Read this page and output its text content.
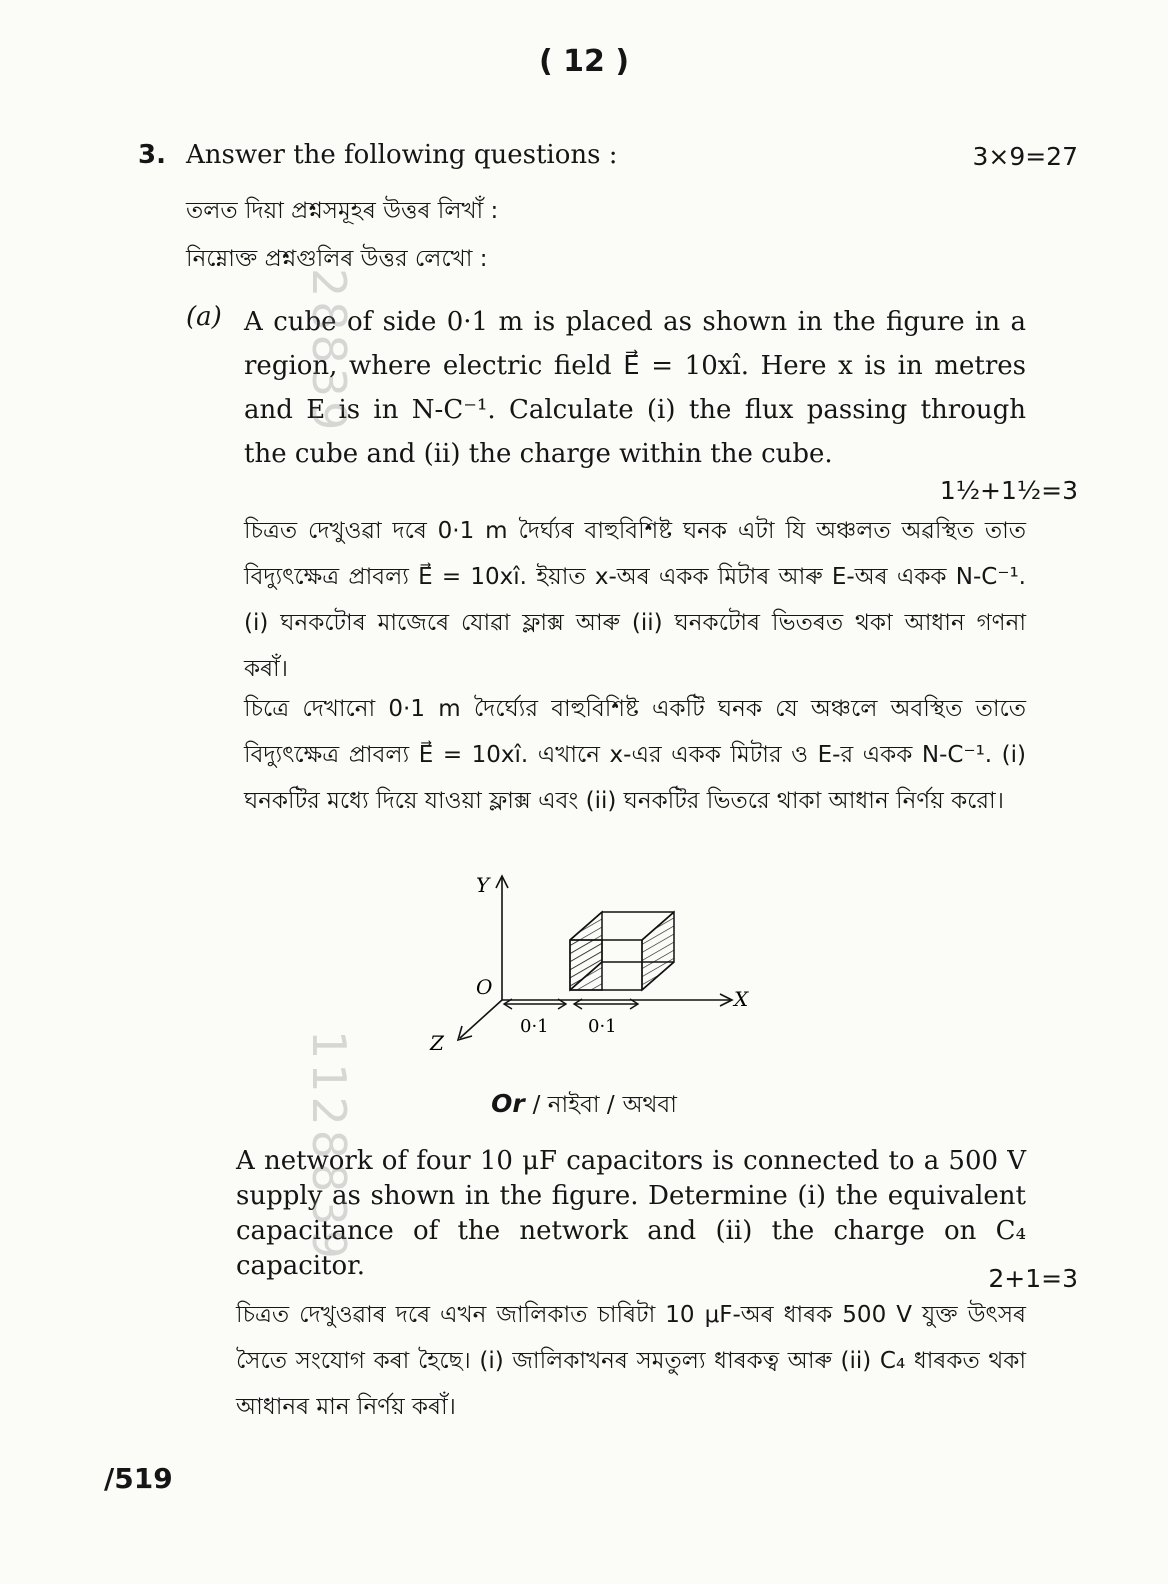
( 12 )
3. Answer the following questions :	3×9=27
তলত দিয়া প্ৰশ্নসমূহৰ উত্তৰ লিখাঁ :
নিম্নোক্ত প্ৰশ্নগুলিৰ উত্তর লেখো :
(a) A cube of side 0·1 m is placed as shown in the figure in a region, where electric field E⃗ = 10xî. Here x is in metres and E is in N-C⁻¹. Calculate (i) the flux passing through the cube and (ii) the charge within the cube.
1½+1½=3
চিত্ৰত দেখুওৱা দৰে 0·1 m দৈৰ্ঘ্যৰ বাহুবিশিষ্ট ঘনক এটা যি অঞ্চলত অৱস্থিত তাত বিদ্যুৎক্ষেত্ৰ প্ৰাবল্য E⃗ = 10xî. ইয়াত x-অৰ একক মিটাৰ আৰু E-অৰ একক N-C⁻¹. (i) ঘনকটোৰ মাজেৰে যোৱা ফ্লাক্স আৰু (ii) ঘনকটোৰ ভিতৰত থকা আধান গণনা কৰাঁ।
চিত্রে দেখানো 0·1 m দৈর্ঘ্যের বাহুবিশিষ্ট একটি ঘনক যে অঞ্চলে অবস্থিত তাতে বিদ্যুৎক্ষেত্র প্রাবল্য E⃗ = 10xî. এখানে x-এর একক মিটার ও E-র একক N-C⁻¹. (i) ঘনকটির মধ্যে দিয়ে যাওয়া ফ্লাক্স এবং (ii) ঘনকটির ভিতরে থাকা আধান নির্ণয় করো।
Y
X
Z
O
0·1 0·1
Or / নাইবা / অথবা
A network of four 10 μF capacitors is connected to a 500 V supply as shown in the figure. Determine (i) the equivalent capacitance of the network and (ii) the charge on C₄ capacitor.	2+1=3
চিত্ৰত দেখুওৱাৰ দৰে এখন জালিকাত চাৰিটা 10 μF-অৰ ধাৰক 500 V যুক্ত উৎসৰ সৈতে সংযোগ কৰা হৈছে। (i) জালিকাখনৰ সমতুল্য ধাৰকত্ব আৰু (ii) C₄ ধাৰকত থকা আধানৰ মান নিৰ্ণয় কৰাঁ।
/519
28839
1128839
